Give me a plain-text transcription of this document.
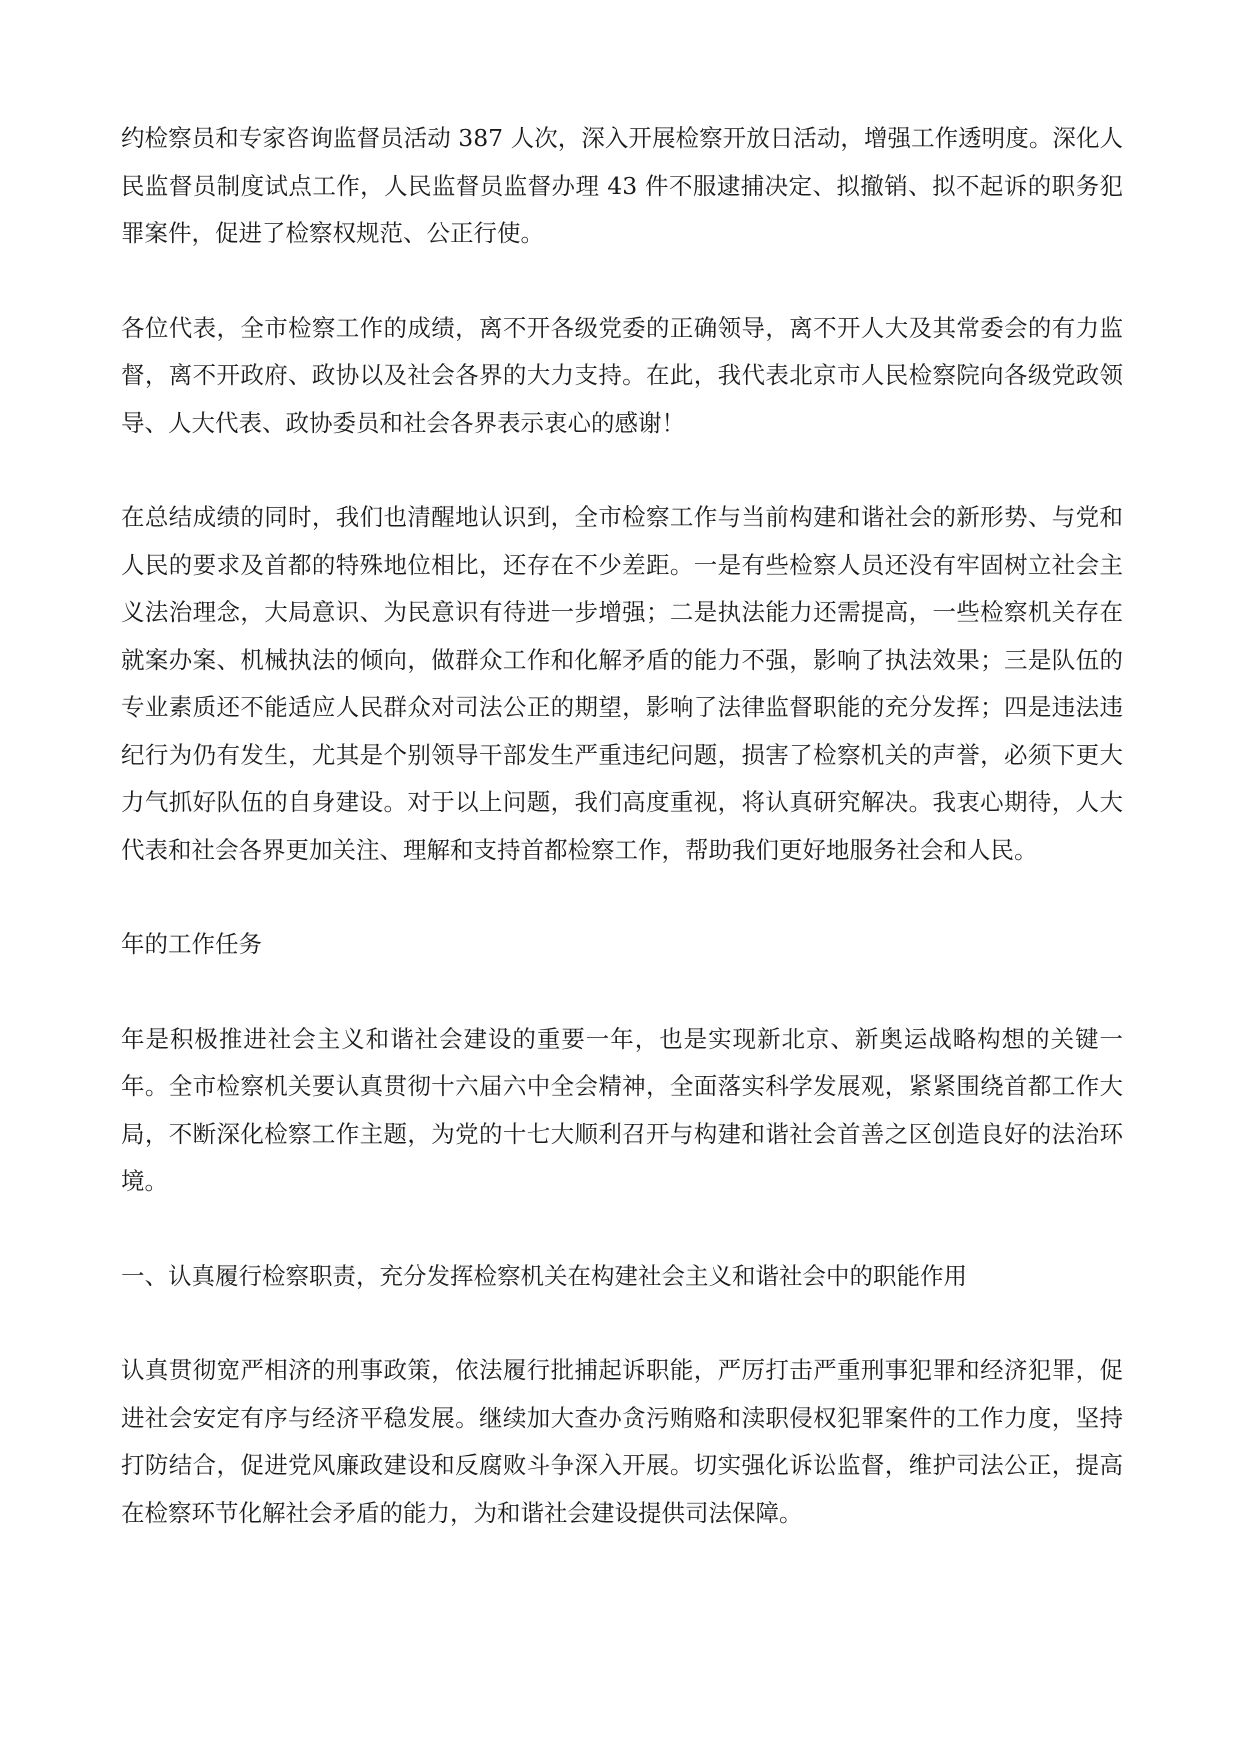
约检察员和专家咨询监督员活动 387 人次，深入开展检察开放日活动，增强工作透明度。深化人民监督员制度试点工作，人民监督员监督办理 43 件不服逮捕决定、拟撤销、拟不起诉的职务犯罪案件，促进了检察权规范、公正行使。

各位代表，全市检察工作的成绩，离不开各级党委的正确领导，离不开人大及其常委会的有力监督，离不开政府、政协以及社会各界的大力支持。在此，我代表北京市人民检察院向各级党政领导、人大代表、政协委员和社会各界表示衷心的感谢！

在总结成绩的同时，我们也清醒地认识到，全市检察工作与当前构建和谐社会的新形势、与党和人民的要求及首都的特殊地位相比，还存在不少差距。一是有些检察人员还没有牢固树立社会主义法治理念，大局意识、为民意识有待进一步增强；二是执法能力还需提高，一些检察机关存在就案办案、机械执法的倾向，做群众工作和化解矛盾的能力不强，影响了执法效果；三是队伍的专业素质还不能适应人民群众对司法公正的期望，影响了法律监督职能的充分发挥；四是违法违纪行为仍有发生，尤其是个别领导干部发生严重违纪问题，损害了检察机关的声誉，必须下更大力气抓好队伍的自身建设。对于以上问题，我们高度重视，将认真研究解决。我衷心期待，人大代表和社会各界更加关注、理解和支持首都检察工作，帮助我们更好地服务社会和人民。

年的工作任务

年是积极推进社会主义和谐社会建设的重要一年，也是实现新北京、新奥运战略构想的关键一年。全市检察机关要认真贯彻十六届六中全会精神，全面落实科学发展观，紧紧围绕首都工作大局，不断深化检察工作主题，为党的十七大顺利召开与构建和谐社会首善之区创造良好的法治环境。

一、认真履行检察职责，充分发挥检察机关在构建社会主义和谐社会中的职能作用

认真贯彻宽严相济的刑事政策，依法履行批捕起诉职能，严厉打击严重刑事犯罪和经济犯罪，促进社会安定有序与经济平稳发展。继续加大查办贪污贿赂和渎职侵权犯罪案件的工作力度，坚持打防结合，促进党风廉政建设和反腐败斗争深入开展。切实强化诉讼监督，维护司法公正，提高在检察环节化解社会矛盾的能力，为和谐社会建设提供司法保障。
